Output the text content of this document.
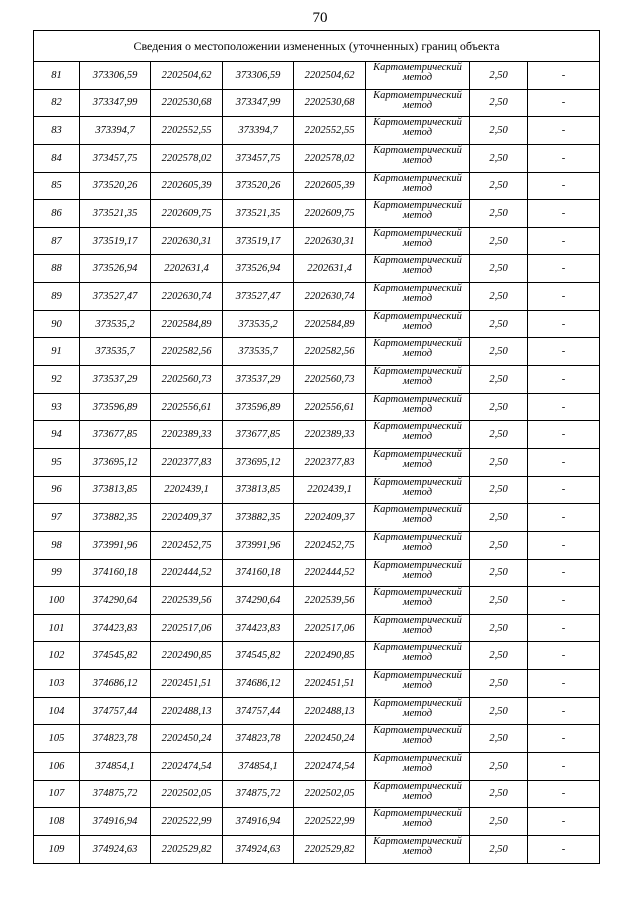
70
Сведения о местоположении измененных (уточненных) границ объекта							
81	373306,59	2202504,62	373306,59	2202504,62	Картометрический метод	2,50	-
82	373347,99	2202530,68	373347,99	2202530,68	Картометрический метод	2,50	-
83	373394,7	2202552,55	373394,7	2202552,55	Картометрический метод	2,50	-
84	373457,75	2202578,02	373457,75	2202578,02	Картометрический метод	2,50	-
85	373520,26	2202605,39	373520,26	2202605,39	Картометрический метод	2,50	-
86	373521,35	2202609,75	373521,35	2202609,75	Картометрический метод	2,50	-
87	373519,17	2202630,31	373519,17	2202630,31	Картометрический метод	2,50	-
88	373526,94	2202631,4	373526,94	2202631,4	Картометрический метод	2,50	-
89	373527,47	2202630,74	373527,47	2202630,74	Картометрический метод	2,50	-
90	373535,2	2202584,89	373535,2	2202584,89	Картометрический метод	2,50	-
91	373535,7	2202582,56	373535,7	2202582,56	Картометрический метод	2,50	-
92	373537,29	2202560,73	373537,29	2202560,73	Картометрический метод	2,50	-
93	373596,89	2202556,61	373596,89	2202556,61	Картометрический метод	2,50	-
94	373677,85	2202389,33	373677,85	2202389,33	Картометрический метод	2,50	-
95	373695,12	2202377,83	373695,12	2202377,83	Картометрический метод	2,50	-
96	373813,85	2202439,1	373813,85	2202439,1	Картометрический метод	2,50	-
97	373882,35	2202409,37	373882,35	2202409,37	Картометрический метод	2,50	-
98	373991,96	2202452,75	373991,96	2202452,75	Картометрический метод	2,50	-
99	374160,18	2202444,52	374160,18	2202444,52	Картометрический метод	2,50	-
100	374290,64	2202539,56	374290,64	2202539,56	Картометрический метод	2,50	-
101	374423,83	2202517,06	374423,83	2202517,06	Картометрический метод	2,50	-
102	374545,82	2202490,85	374545,82	2202490,85	Картометрический метод	2,50	-
103	374686,12	2202451,51	374686,12	2202451,51	Картометрический метод	2,50	-
104	374757,44	2202488,13	374757,44	2202488,13	Картометрический метод	2,50	-
105	374823,78	2202450,24	374823,78	2202450,24	Картометрический метод	2,50	-
106	374854,1	2202474,54	374854,1	2202474,54	Картометрический метод	2,50	-
107	374875,72	2202502,05	374875,72	2202502,05	Картометрический метод	2,50	-
108	374916,94	2202522,99	374916,94	2202522,99	Картометрический метод	2,50	-
109	374924,63	2202529,82	374924,63	2202529,82	Картометрический метод	2,50	-
